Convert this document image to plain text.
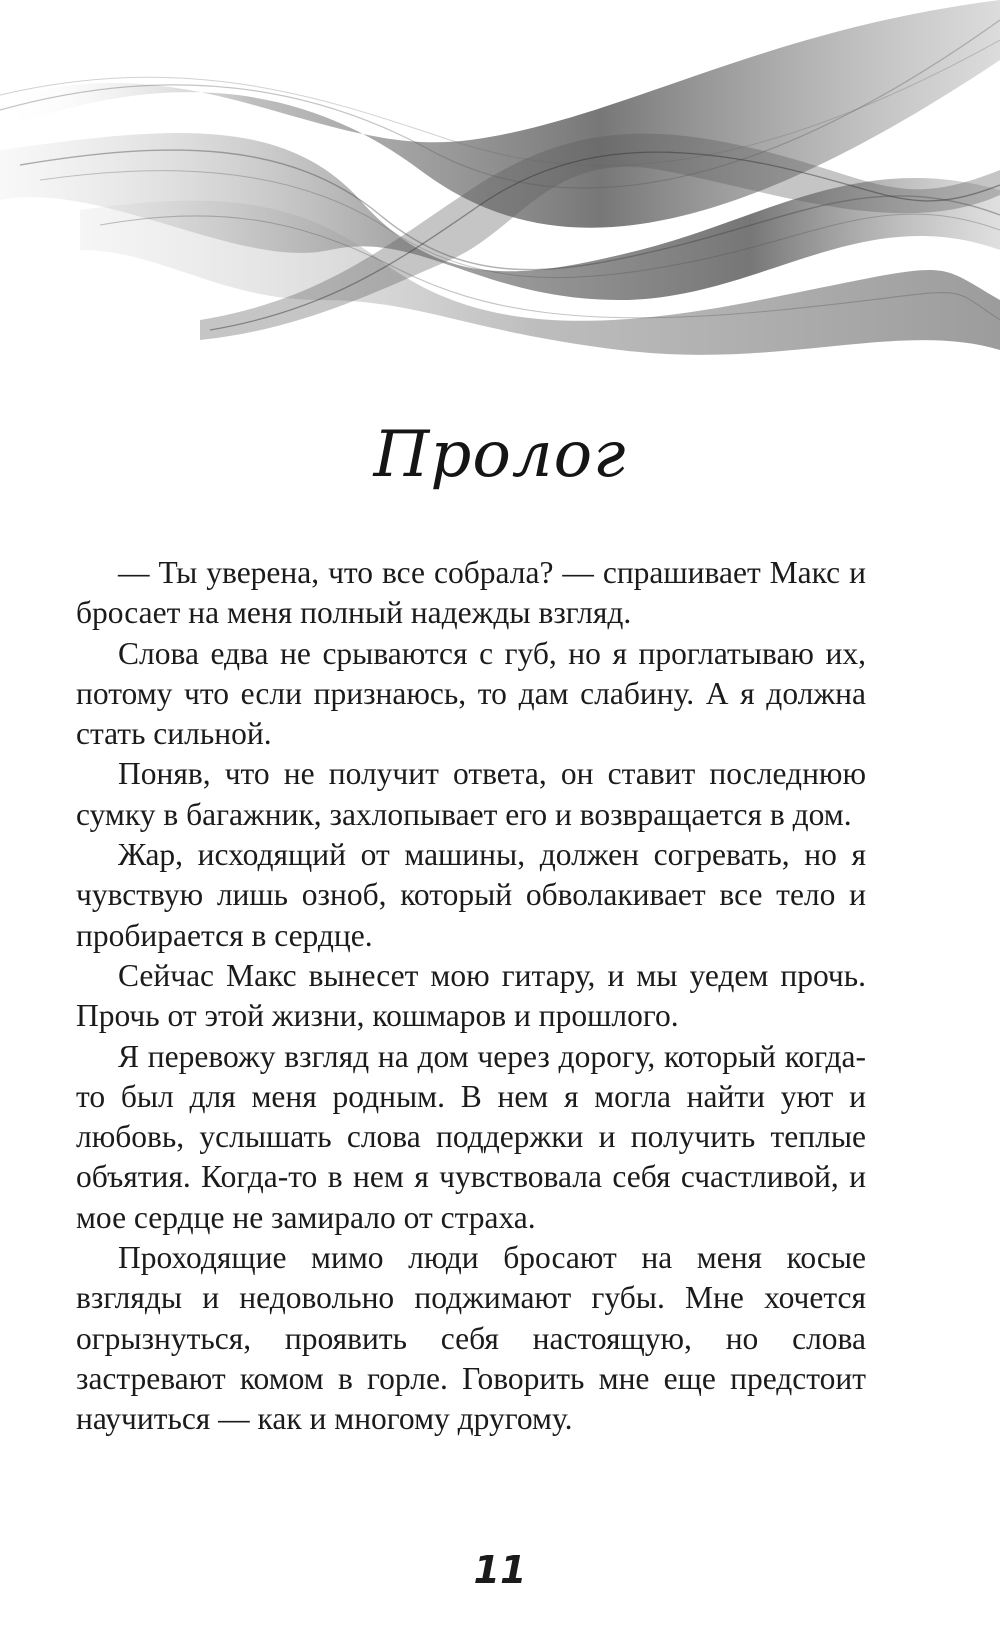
Пролог

— Ты уверена, что все собрала? — спрашивает Макс и бросает на меня полный надежды взгляд.

Слова едва не срываются с губ, но я проглатываю их, потому что если признаюсь, то дам слабину. А я должна стать сильной.

Поняв, что не получит ответа, он ставит последнюю сумку в багажник, захлопывает его и возвращается в дом.

Жар, исходящий от машины, должен согревать, но я чувствую лишь озноб, который обволакивает все тело и пробирается в сердце.

Сейчас Макс вынесет мою гитару, и мы уедем прочь. Прочь от этой жизни, кошмаров и прошлого.

Я перевожу взгляд на дом через дорогу, который когда-то был для меня родным. В нем я могла найти уют и любовь, услышать слова поддержки и получить теплые объятия. Когда-то в нем я чувствовала себя счастливой, и мое сердце не замирало от страха.

Проходящие мимо люди бросают на меня косые взгляды и недовольно поджимают губы. Мне хочется огрызнуться, проявить себя настоящую, но слова застревают комом в горле. Говорить мне еще предстоит научиться — как и многому другому.

11
